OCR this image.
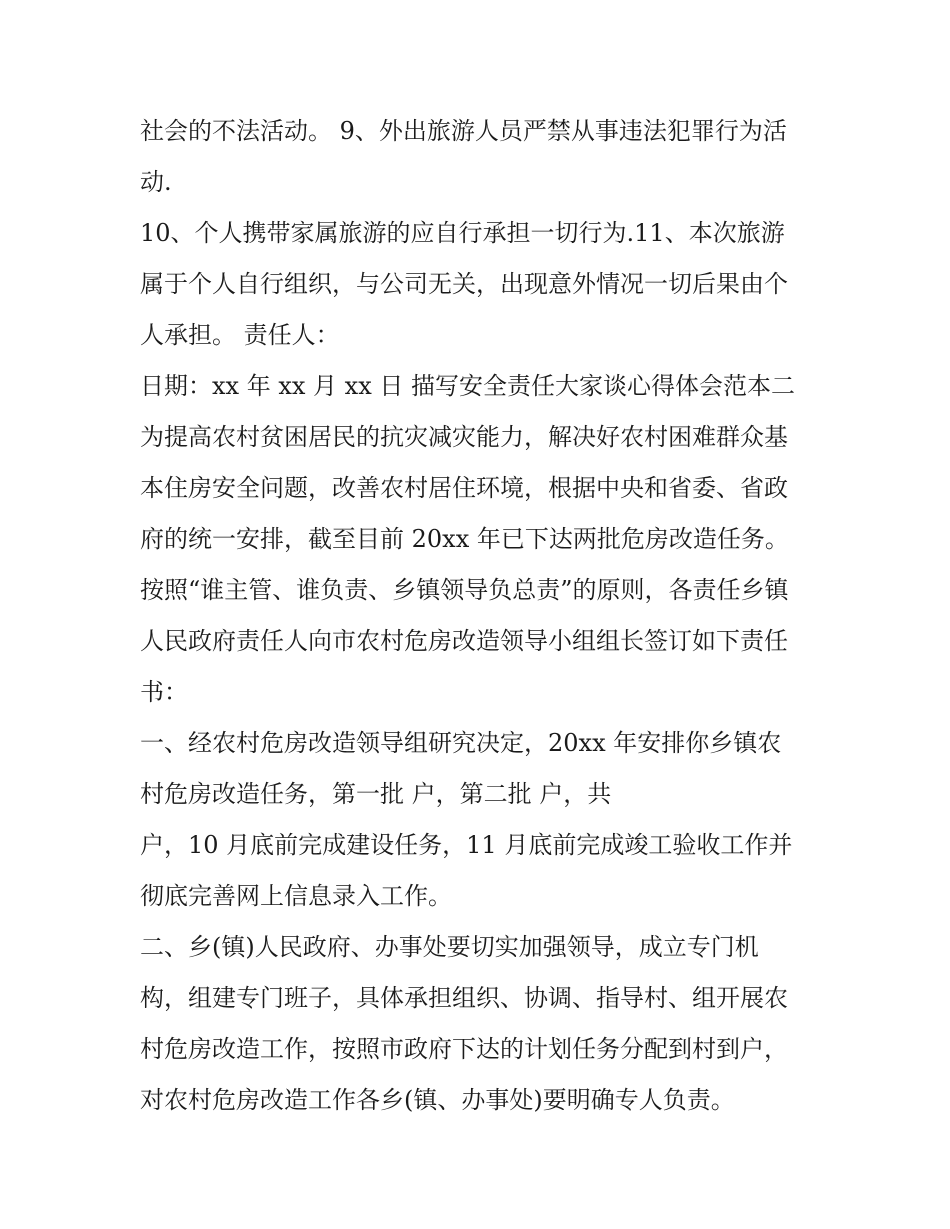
社会的不法活动。 9、外出旅游人员严禁从事违法犯罪行为活
动.
10、个人携带家属旅游的应自行承担一切行为.11、本次旅游
属于个人自行组织，与公司无关，出现意外情况一切后果由个
人承担。 责任人：
日期：xx 年 xx 月 xx 日 描写安全责任大家谈心得体会范本二
为提高农村贫困居民的抗灾减灾能力，解决好农村困难群众基
本住房安全问题，改善农村居住环境，根据中央和省委、省政
府的统一安排，截至目前 20xx 年已下达两批危房改造任务。
按照“谁主管、谁负责、乡镇领导负总责”的原则，各责任乡镇
人民政府责任人向市农村危房改造领导小组组长签订如下责任
书：
一、经农村危房改造领导组研究决定，20xx 年安排你乡镇农
村危房改造任务，第一批 户，第二批 户，共
户，10 月底前完成建设任务，11 月底前完成竣工验收工作并
彻底完善网上信息录入工作。
二、乡(镇)人民政府、办事处要切实加强领导，成立专门机
构，组建专门班子，具体承担组织、协调、指导村、组开展农
村危房改造工作，按照市政府下达的计划任务分配到村到户，
对农村危房改造工作各乡(镇、办事处)要明确专人负责。
